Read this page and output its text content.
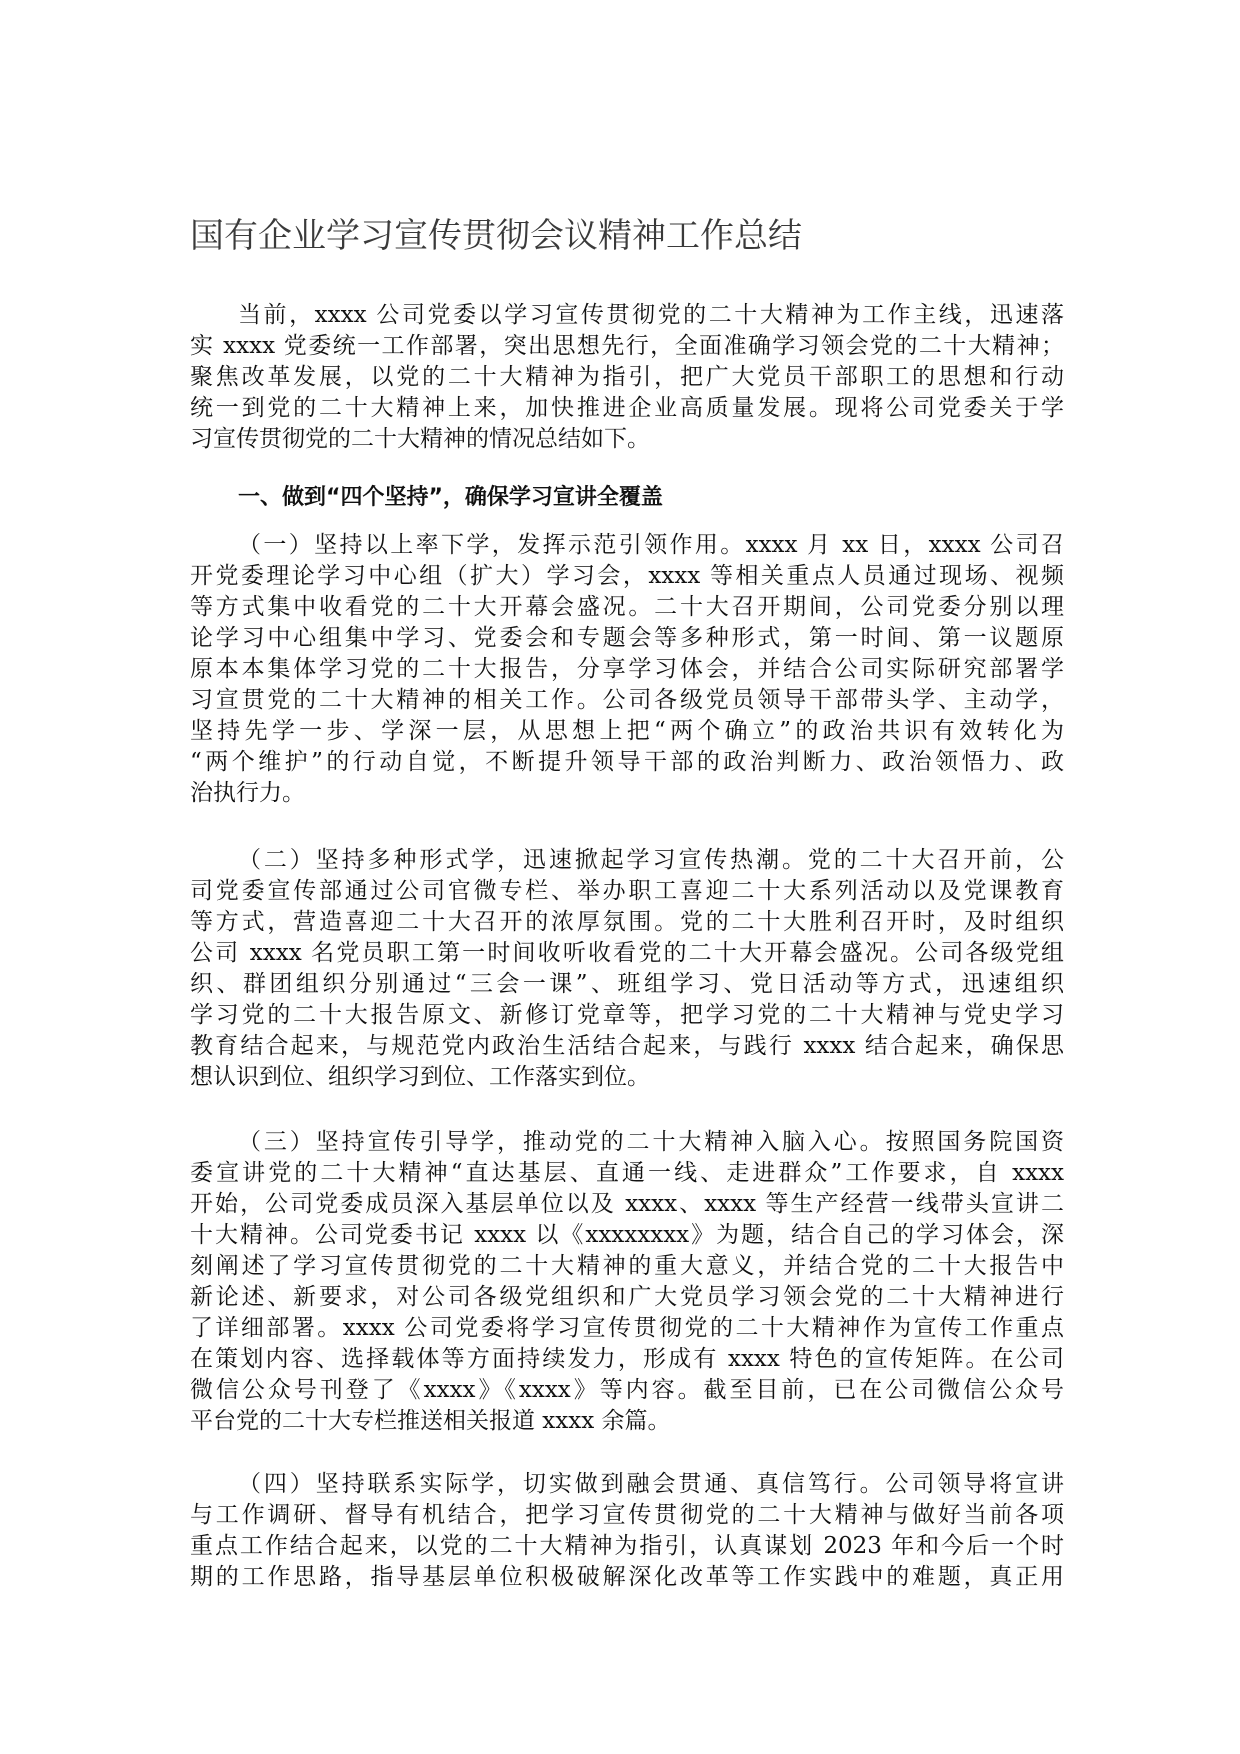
国有企业学习宣传贯彻会议精神工作总结
当前，xxxx 公司党委以学习宣传贯彻党的二十大精神为工作主线，迅速落
实 xxxx 党委统一工作部署，突出思想先行，全面准确学习领会党的二十大精神；
聚焦改革发展，以党的二十大精神为指引，把广大党员干部职工的思想和行动
统一到党的二十大精神上来，加快推进企业高质量发展。现将公司党委关于学
习宣传贯彻党的二十大精神的情况总结如下。
一、做到“四个坚持”，确保学习宣讲全覆盖
（一）坚持以上率下学，发挥示范引领作用。xxxx 月 xx 日，xxxx 公司召
开党委理论学习中心组（扩大）学习会，xxxx 等相关重点人员通过现场、视频
等方式集中收看党的二十大开幕会盛况。二十大召开期间，公司党委分别以理
论学习中心组集中学习、党委会和专题会等多种形式，第一时间、第一议题原
原本本集体学习党的二十大报告，分享学习体会，并结合公司实际研究部署学
习宣贯党的二十大精神的相关工作。公司各级党员领导干部带头学、主动学，
坚持先学一步、学深一层，从思想上把“两个确立”的政治共识有效转化为
“两个维护”的行动自觉，不断提升领导干部的政治判断力、政治领悟力、政
治执行力。
（二）坚持多种形式学，迅速掀起学习宣传热潮。党的二十大召开前，公
司党委宣传部通过公司官微专栏、举办职工喜迎二十大系列活动以及党课教育
等方式，营造喜迎二十大召开的浓厚氛围。党的二十大胜利召开时，及时组织
公司 xxxx 名党员职工第一时间收听收看党的二十大开幕会盛况。公司各级党组
织、群团组织分别通过“三会一课”、班组学习、党日活动等方式，迅速组织
学习党的二十大报告原文、新修订党章等，把学习党的二十大精神与党史学习
教育结合起来，与规范党内政治生活结合起来，与践行 xxxx 结合起来，确保思
想认识到位、组织学习到位、工作落实到位。
（三）坚持宣传引导学，推动党的二十大精神入脑入心。按照国务院国资
委宣讲党的二十大精神“直达基层、直通一线、走进群众”工作要求，自 xxxx
开始，公司党委成员深入基层单位以及 xxxx、xxxx 等生产经营一线带头宣讲二
十大精神。公司党委书记 xxxx 以《xxxxxxxx》为题，结合自己的学习体会，深
刻阐述了学习宣传贯彻党的二十大精神的重大意义，并结合党的二十大报告中
新论述、新要求，对公司各级党组织和广大党员学习领会党的二十大精神进行
了详细部署。xxxx 公司党委将学习宣传贯彻党的二十大精神作为宣传工作重点
在策划内容、选择载体等方面持续发力，形成有 xxxx 特色的宣传矩阵。在公司
微信公众号刊登了《xxxx》《xxxx》等内容。截至目前，已在公司微信公众号
平台党的二十大专栏推送相关报道 xxxx 余篇。
（四）坚持联系实际学，切实做到融会贯通、真信笃行。公司领导将宣讲
与工作调研、督导有机结合，把学习宣传贯彻党的二十大精神与做好当前各项
重点工作结合起来，以党的二十大精神为指引，认真谋划 2023 年和今后一个时
期的工作思路，指导基层单位积极破解深化改革等工作实践中的难题，真正用
